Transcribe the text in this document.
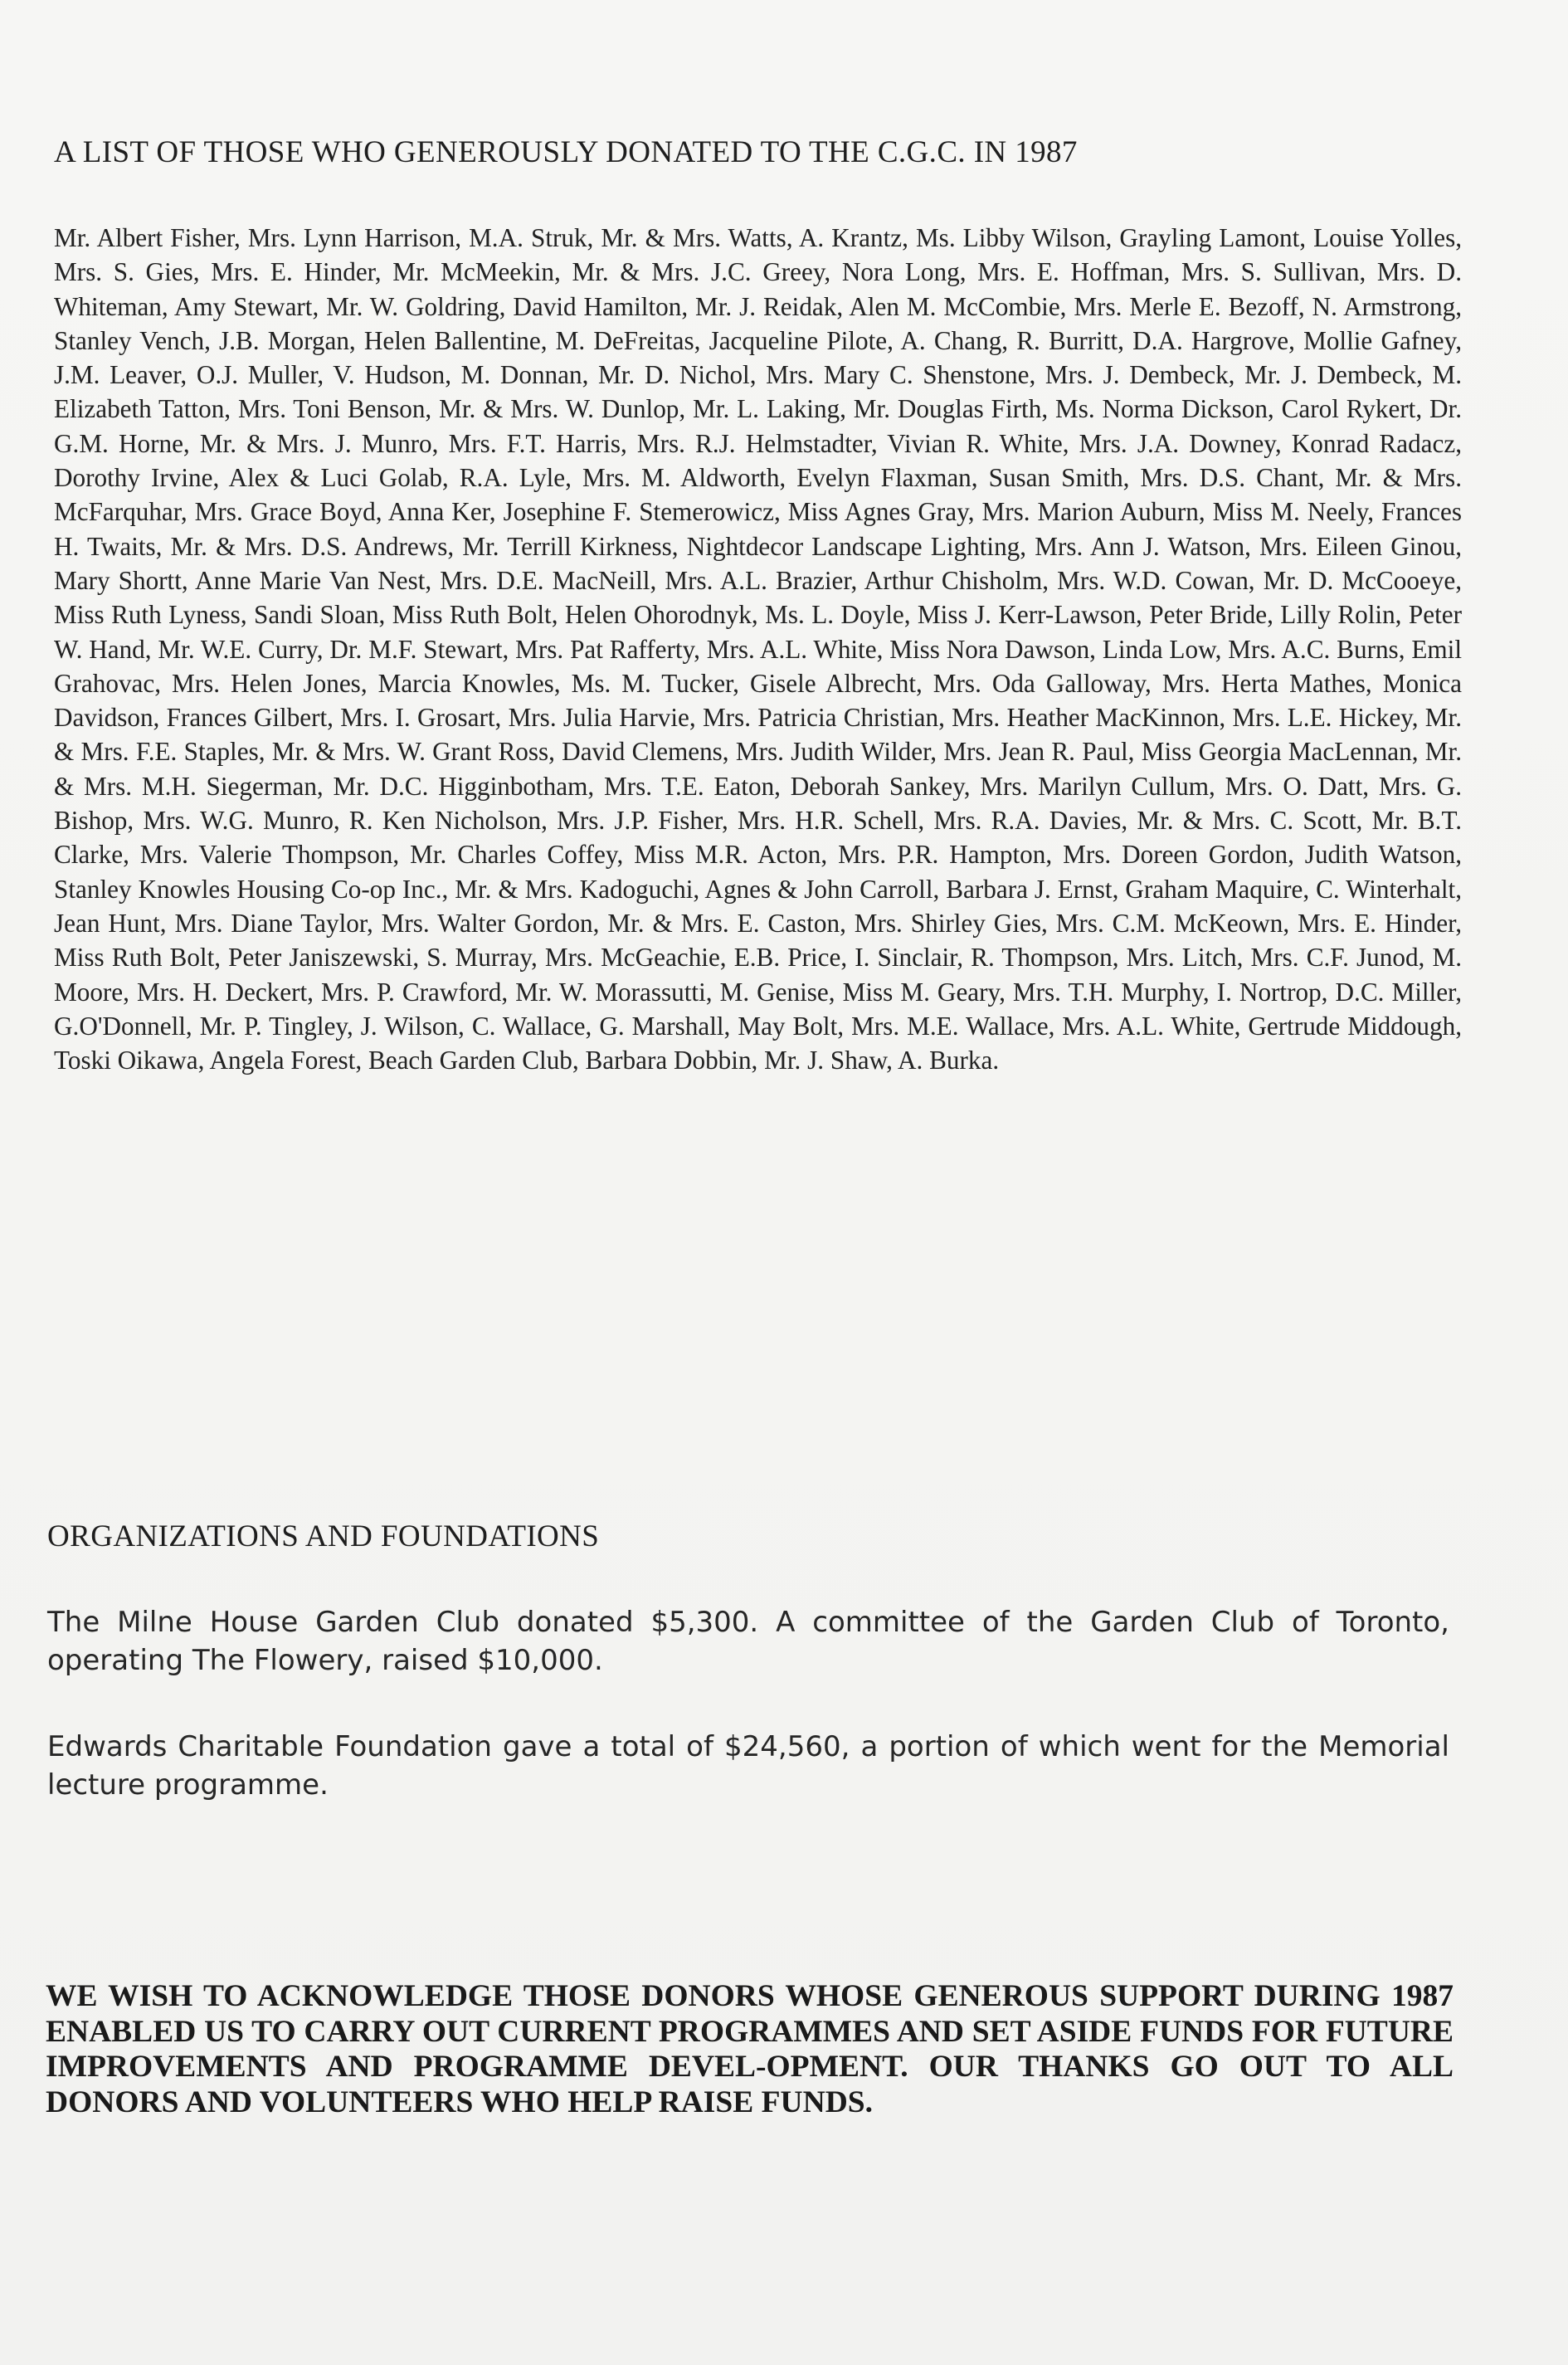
A LIST OF THOSE WHO GENEROUSLY DONATED TO THE C.G.C. IN 1987

Mr. Albert Fisher, Mrs. Lynn Harrison, M.A. Struk, Mr. & Mrs. Watts, A. Krantz, Ms. Libby Wilson, Grayling Lamont, Louise Yolles, Mrs. S. Gies, Mrs. E. Hinder, Mr. McMeekin, Mr. & Mrs. J.C. Greey, Nora Long, Mrs. E. Hoffman, Mrs. S. Sullivan, Mrs. D. Whiteman, Amy Stewart, Mr. W. Goldring, David Hamilton, Mr. J. Reidak, Alen M. McCombie, Mrs. Merle E. Bezoff, N. Armstrong, Stanley Vench, J.B. Morgan, Helen Ballentine, M. DeFreitas, Jacqueline Pilote, A. Chang, R. Burritt, D.A. Hargrove, Mollie Gafney, J.M. Leaver, O.J. Muller, V. Hudson, M. Donnan, Mr. D. Nichol, Mrs. Mary C. Shenstone, Mrs. J. Dembeck, Mr. J. Dembeck, M. Elizabeth Tatton, Mrs. Toni Benson, Mr. & Mrs. W. Dunlop, Mr. L. Laking, Mr. Douglas Firth, Ms. Norma Dickson, Carol Rykert, Dr. G.M. Horne, Mr. & Mrs. J. Munro, Mrs. F.T. Harris, Mrs. R.J. Helmstadter, Vivian R. White, Mrs. J.A. Downey, Konrad Radacz, Dorothy Irvine, Alex & Luci Golab, R.A. Lyle, Mrs. M. Aldworth, Evelyn Flaxman, Susan Smith, Mrs. D.S. Chant, Mr. & Mrs. McFarquhar, Mrs. Grace Boyd, Anna Ker, Josephine F. Stemerowicz, Miss Agnes Gray, Mrs. Marion Auburn, Miss M. Neely, Frances H. Twaits, Mr. & Mrs. D.S. Andrews, Mr. Terrill Kirkness, Nightdecor Landscape Lighting, Mrs. Ann J. Watson, Mrs. Eileen Ginou, Mary Shortt, Anne Marie Van Nest, Mrs. D.E. MacNeill, Mrs. A.L. Brazier, Arthur Chisholm, Mrs. W.D. Cowan, Mr. D. McCooeye, Miss Ruth Lyness, Sandi Sloan, Miss Ruth Bolt, Helen Ohorodnyk, Ms. L. Doyle, Miss J. Kerr-Lawson, Peter Bride, Lilly Rolin, Peter W. Hand, Mr. W.E. Curry, Dr. M.F. Stewart, Mrs. Pat Rafferty, Mrs. A.L. White, Miss Nora Dawson, Linda Low, Mrs. A.C. Burns, Emil Grahovac, Mrs. Helen Jones, Marcia Knowles, Ms. M. Tucker, Gisele Albrecht, Mrs. Oda Galloway, Mrs. Herta Mathes, Monica Davidson, Frances Gilbert, Mrs. I. Grosart, Mrs. Julia Harvie, Mrs. Patricia Christian, Mrs. Heather MacKinnon, Mrs. L.E. Hickey, Mr. & Mrs. F.E. Staples, Mr. & Mrs. W. Grant Ross, David Clemens, Mrs. Judith Wilder, Mrs. Jean R. Paul, Miss Georgia MacLennan, Mr. & Mrs. M.H. Siegerman, Mr. D.C. Higginbotham, Mrs. T.E. Eaton, Deborah Sankey, Mrs. Marilyn Cullum, Mrs. O. Datt, Mrs. G. Bishop, Mrs. W.G. Munro, R. Ken Nicholson, Mrs. J.P. Fisher, Mrs. H.R. Schell, Mrs. R.A. Davies, Mr. & Mrs. C. Scott, Mr. B.T. Clarke, Mrs. Valerie Thompson, Mr. Charles Coffey, Miss M.R. Acton, Mrs. P.R. Hampton, Mrs. Doreen Gordon, Judith Watson, Stanley Knowles Housing Co-op Inc., Mr. & Mrs. Kadoguchi, Agnes & John Carroll, Barbara J. Ernst, Graham Maquire, C. Winterhalt, Jean Hunt, Mrs. Diane Taylor, Mrs. Walter Gordon, Mr. & Mrs. E. Caston, Mrs. Shirley Gies, Mrs. C.M. McKeown, Mrs. E. Hinder, Miss Ruth Bolt, Peter Janiszewski, S. Murray, Mrs. McGeachie, E.B. Price, I. Sinclair, R. Thompson, Mrs. Litch, Mrs. C.F. Junod, M. Moore, Mrs. H. Deckert, Mrs. P. Crawford, Mr. W. Morassutti, M. Genise, Miss M. Geary, Mrs. T.H. Murphy, I. Nortrop, D.C. Miller, G.O'Donnell, Mr. P. Tingley, J. Wilson, C. Wallace, G. Marshall, May Bolt, Mrs. M.E. Wallace, Mrs. A.L. White, Gertrude Middough, Toski Oikawa, Angela Forest, Beach Garden Club, Barbara Dobbin, Mr. J. Shaw, A. Burka.

ORGANIZATIONS AND FOUNDATIONS

The Milne House Garden Club donated $5,300. A committee of the Garden Club of Toronto, operating The Flowery, raised $10,000.

Edwards Charitable Foundation gave a total of $24,560, a portion of which went for the Memorial lecture programme.

WE WISH TO ACKNOWLEDGE THOSE DONORS WHOSE GENEROUS SUPPORT DURING 1987 ENABLED US TO CARRY OUT CURRENT PROGRAMMES AND SET ASIDE FUNDS FOR FUTURE IMPROVEMENTS AND PROGRAMME DEVEL-OPMENT. OUR THANKS GO OUT TO ALL DONORS AND VOLUNTEERS WHO HELP RAISE FUNDS.
